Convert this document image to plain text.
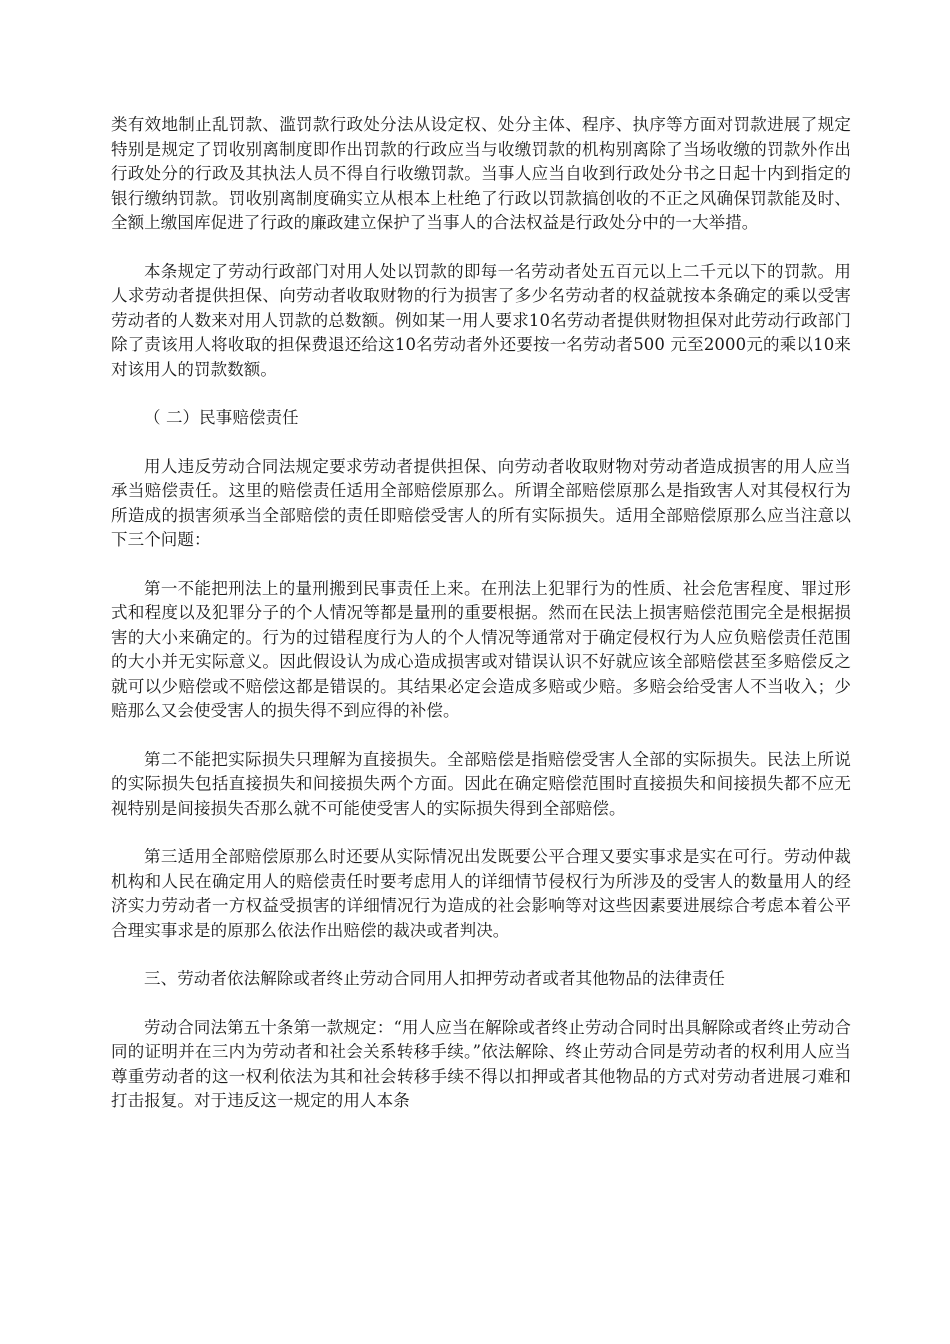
类有效地制止乱罚款、滥罚款行政处分法从设定权、处分主体、程序、执序等方面对罚款进展了规定特别是规定了罚收别离制度即作出罚款的行政应当与收缴罚款的机构别离除了当场收缴的罚款外作出行政处分的行政及其执法人员不得自行收缴罚款。当事人应当自收到行政处分书之日起十内到指定的银行缴纳罚款。罚收别离制度确实立从根本上杜绝了行政以罚款搞创收的不正之风确保罚款能及时、全额上缴国库促进了行政的廉政建立保护了当事人的合法权益是行政处分中的一大举措。

本条规定了劳动行政部门对用人处以罚款的即每一名劳动者处五百元以上二千元以下的罚款。用人求劳动者提供担保、向劳动者收取财物的行为损害了多少名劳动者的权益就按本条确定的乘以受害劳动者的人数来对用人罚款的总数额。例如某一用人要求10名劳动者提供财物担保对此劳动行政部门除了责该用人将收取的担保费退还给这10名劳动者外还要按一名劳动者500 元至2000元的乘以10来对该用人的罚款数额。

（ 二）民事赔偿责任

用人违反劳动合同法规定要求劳动者提供担保、向劳动者收取财物对劳动者造成损害的用人应当承当赔偿责任。这里的赔偿责任适用全部赔偿原那么。所谓全部赔偿原那么是指致害人对其侵权行为所造成的损害须承当全部赔偿的责任即赔偿受害人的所有实际损失。适用全部赔偿原那么应当注意以下三个问题：

第一不能把刑法上的量刑搬到民事责任上来。在刑法上犯罪行为的性质、社会危害程度、罪过形式和程度以及犯罪分子的个人情况等都是量刑的重要根据。然而在民法上损害赔偿范围完全是根据损害的大小来确定的。行为的过错程度行为人的个人情况等通常对于确定侵权行为人应负赔偿责任范围的大小并无实际意义。因此假设认为成心造成损害或对错误认识不好就应该全部赔偿甚至多赔偿反之就可以少赔偿或不赔偿这都是错误的。其结果必定会造成多赔或少赔。多赔会给受害人不当收入；少赔那么又会使受害人的损失得不到应得的补偿。

第二不能把实际损失只理解为直接损失。全部赔偿是指赔偿受害人全部的实际损失。民法上所说的实际损失包括直接损失和间接损失两个方面。因此在确定赔偿范围时直接损失和间接损失都不应无视特别是间接损失否那么就不可能使受害人的实际损失得到全部赔偿。

第三适用全部赔偿原那么时还要从实际情况出发既要公平合理又要实事求是实在可行。劳动仲裁机构和人民在确定用人的赔偿责任时要考虑用人的详细情节侵权行为所涉及的受害人的数量用人的经济实力劳动者一方权益受损害的详细情况行为造成的社会影响等对这些因素要进展综合考虑本着公平合理实事求是的原那么依法作出赔偿的裁决或者判决。

三、劳动者依法解除或者终止劳动合同用人扣押劳动者或者其他物品的法律责任

劳动合同法第五十条第一款规定：“用人应当在解除或者终止劳动合同时出具解除或者终止劳动合同的证明并在三内为劳动者和社会关系转移手续。”依法解除、终止劳动合同是劳动者的权利用人应当尊重劳动者的这一权利依法为其和社会转移手续不得以扣押或者其他物品的方式对劳动者进展刁难和打击报复。对于违反这一规定的用人本条
